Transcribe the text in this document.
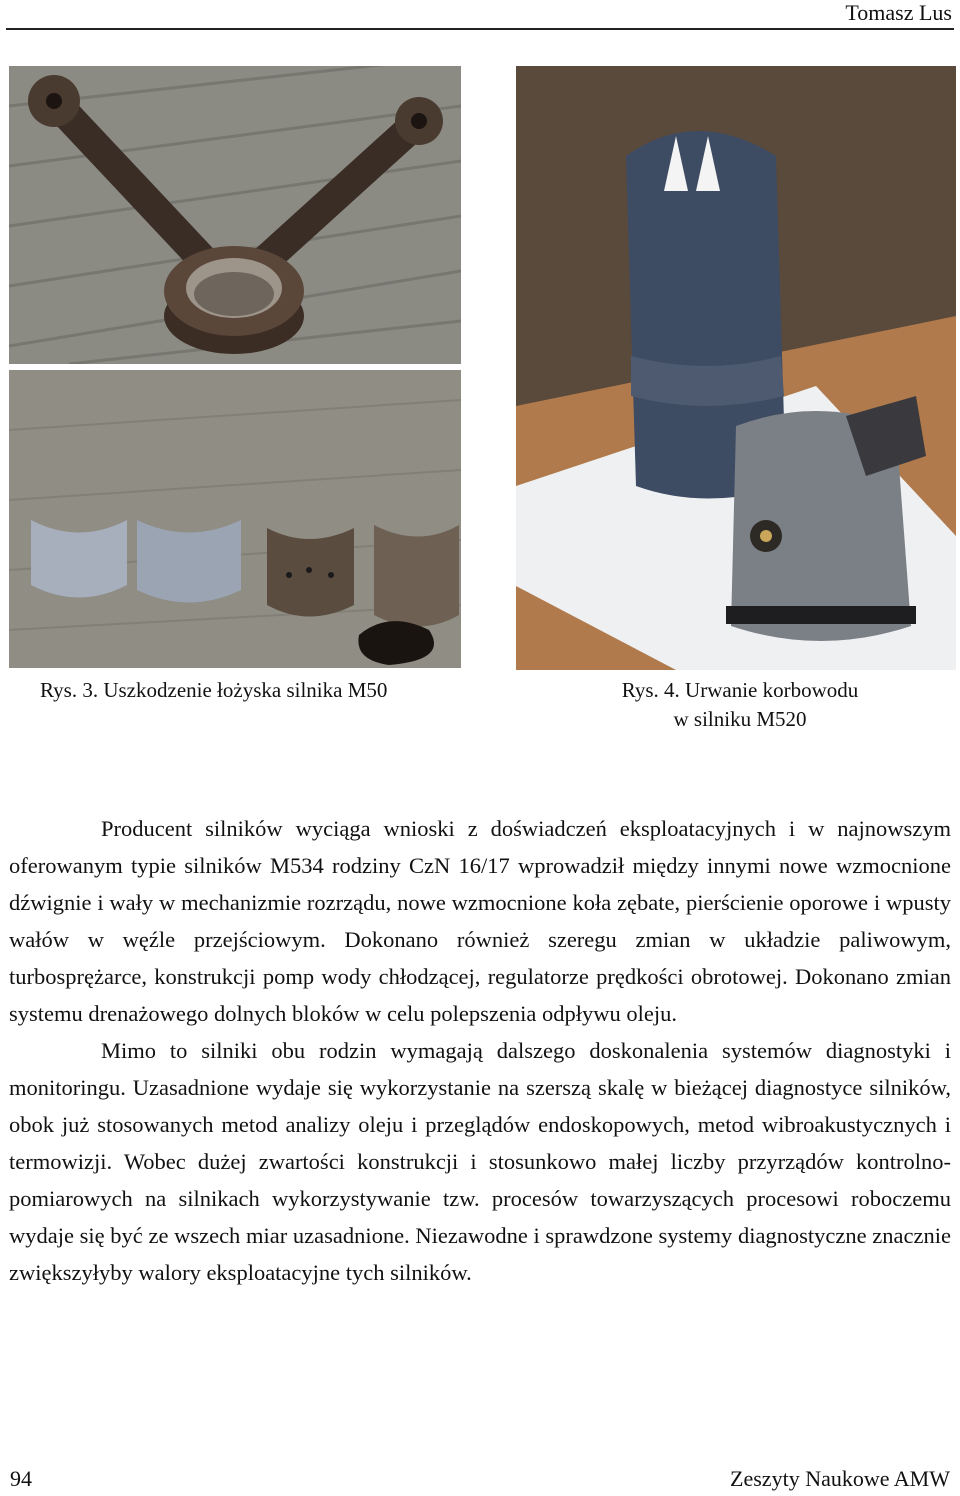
Tomasz Lus
Rys. 3. Uszkodzenie łożyska silnika M50	Rys. 4. Urwanie korbowodu
w silniku M520

Producent silników wyciąga wnioski z doświadczeń eksploatacyjnych i w najnowszym oferowanym typie silników M534 rodziny CzN 16/17 wprowadził między innymi nowe wzmocnione dźwignie i wały w mechanizmie rozrządu, nowe wzmocnione koła zębate, pierścienie oporowe i wpusty wałów w węźle przejściowym. Dokonano również szeregu zmian w układzie paliwowym, turbosprężarce, konstrukcji pomp wody chłodzącej, regulatorze prędkości obrotowej. Dokonano zmian systemu drenażowego dolnych bloków w celu polepszenia odpływu oleju.

Mimo to silniki obu rodzin wymagają dalszego doskonalenia systemów diagnostyki i monitoringu. Uzasadnione wydaje się wykorzystanie na szerszą skalę w bieżącej diagnostyce silników, obok już stosowanych metod analizy oleju i przeglądów endoskopowych, metod wibroakustycznych i termowizji. Wobec dużej zwartości konstrukcji i stosunkowo małej liczby przyrządów kontrolno-pomiarowych na silnikach wykorzystywanie tzw. procesów towarzyszących procesowi roboczemu wydaje się być ze wszech miar uzasadnione. Niezawodne i sprawdzone systemy diagnostyczne znacznie zwiększyłyby walory eksploatacyjne tych silników.

94	Zeszyty Naukowe AMW
